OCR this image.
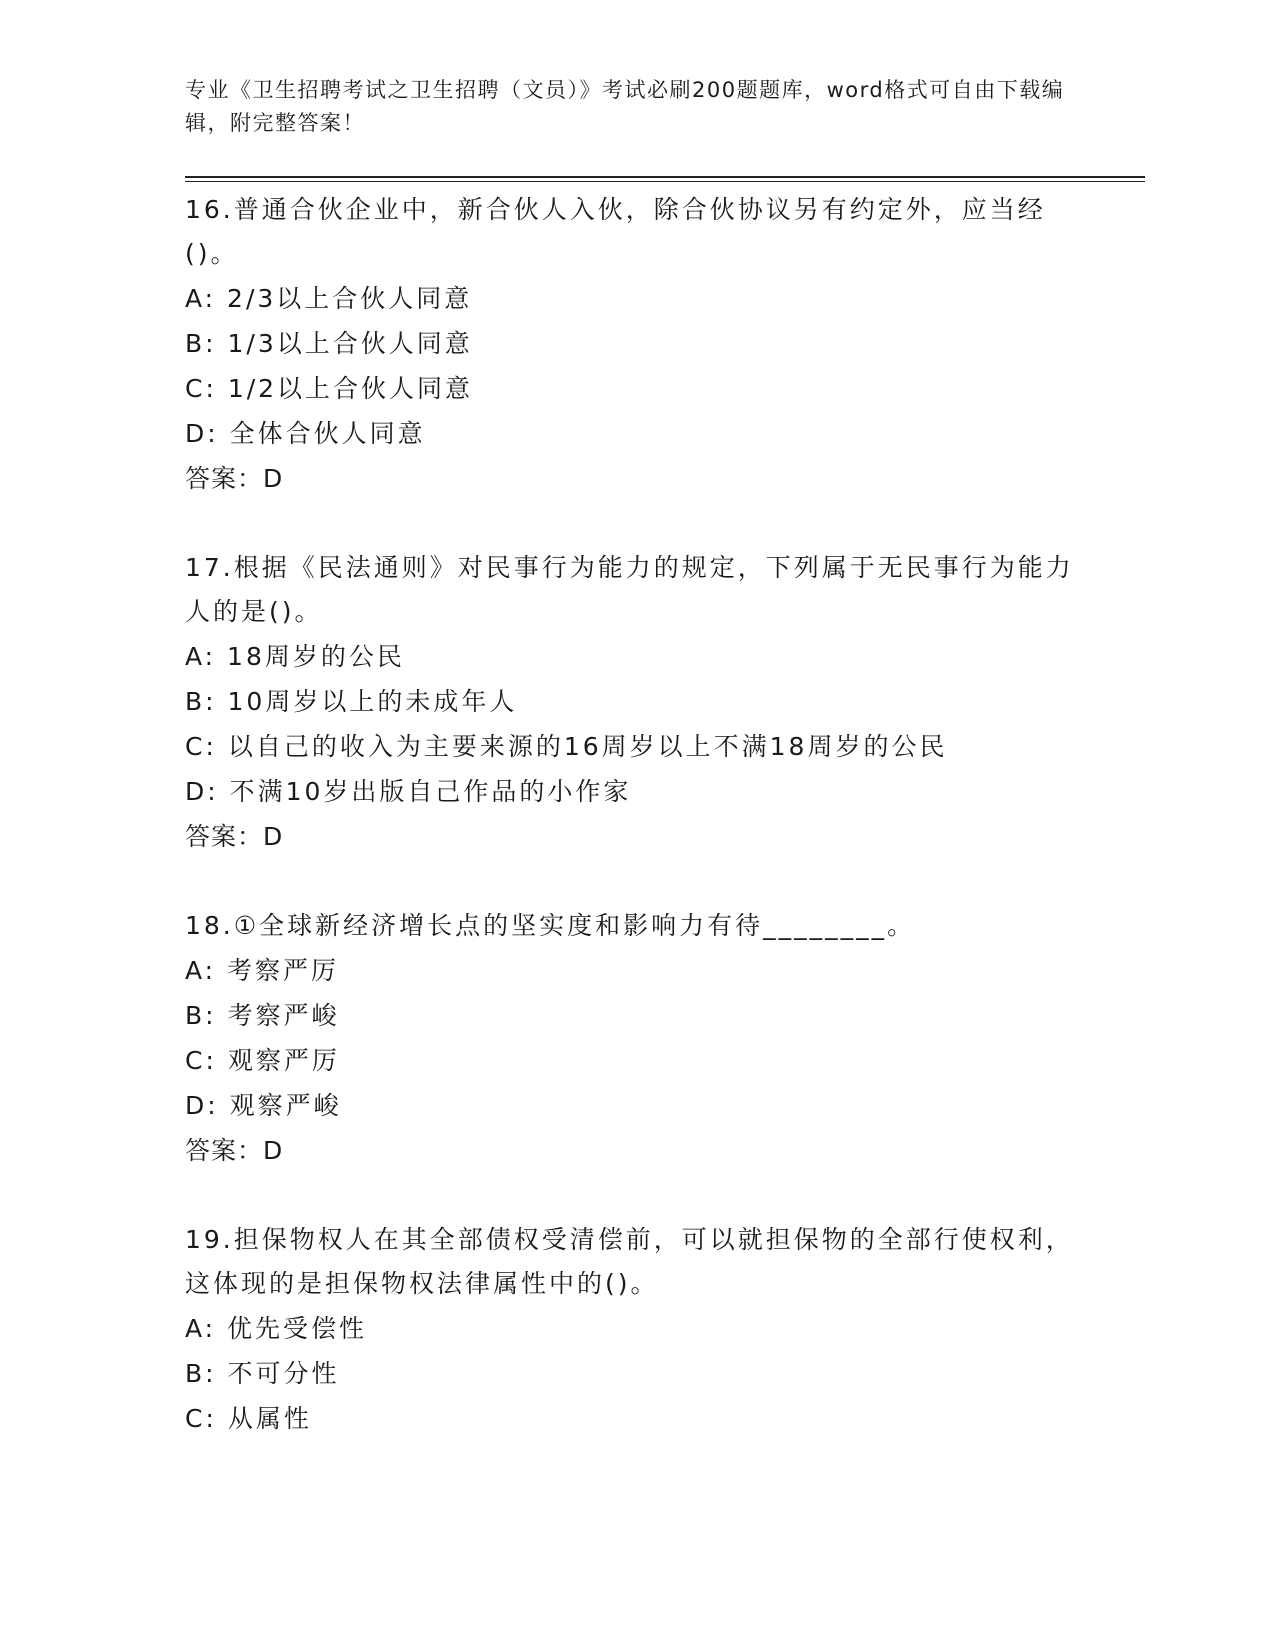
专业《卫生招聘考试之卫生招聘（文员）》考试必刷200题题库，word格式可自由下载编辑，附完整答案！
16.普通合伙企业中，新合伙人入伙，除合伙协议另有约定外，应当经()。
A: 2/3以上合伙人同意
B: 1/3以上合伙人同意
C: 1/2以上合伙人同意
D: 全体合伙人同意
答案：D
17.根据《民法通则》对民事行为能力的规定，下列属于无民事行为能力人的是()。
A: 18周岁的公民
B: 10周岁以上的未成年人
C: 以自己的收入为主要来源的16周岁以上不满18周岁的公民
D: 不满10岁出版自己作品的小作家
答案：D
18.①全球新经济增长点的坚实度和影响力有待________。
A: 考察严厉
B: 考察严峻
C: 观察严厉
D: 观察严峻
答案：D
19.担保物权人在其全部债权受清偿前，可以就担保物的全部行使权利，这体现的是担保物权法律属性中的()。
A: 优先受偿性
B: 不可分性
C: 从属性
